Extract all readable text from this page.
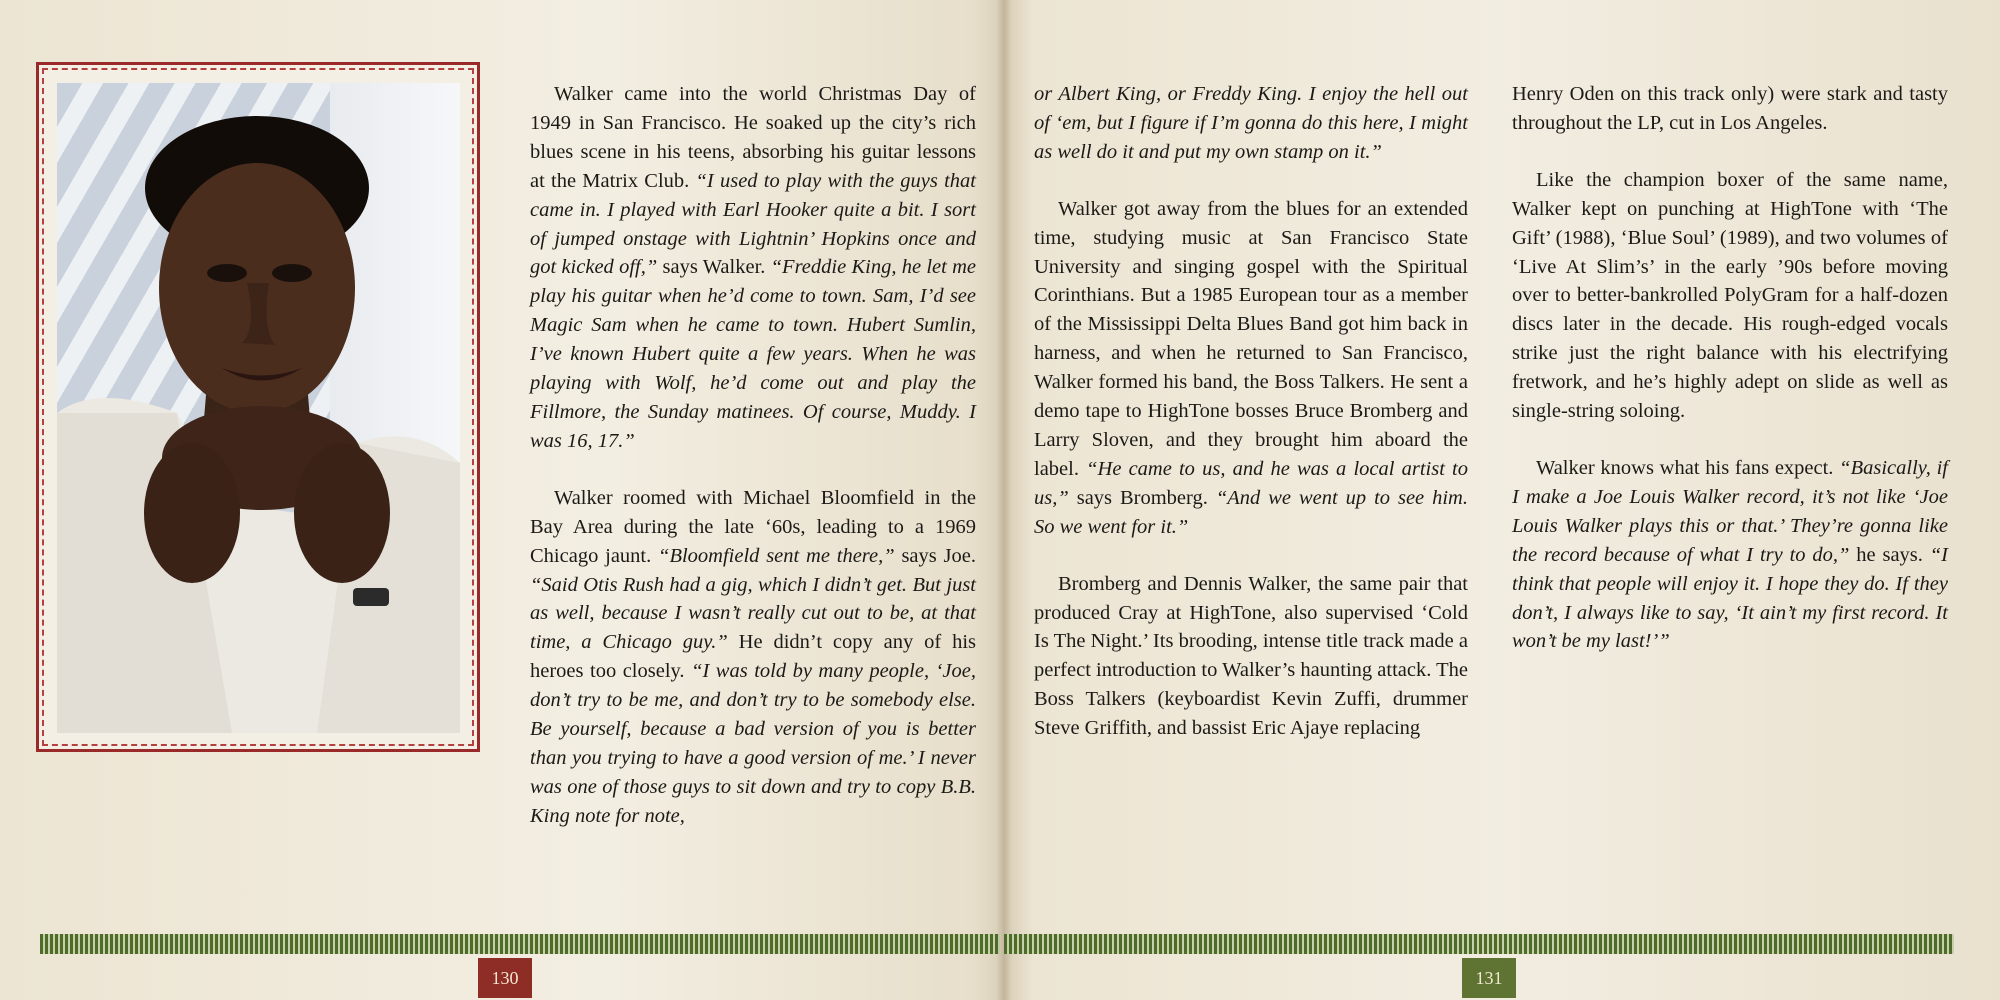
Walker came into the world Christmas Day of 1949 in San Francisco. He soaked up the city’s rich blues scene in his teens, absorbing his guitar lessons at the Matrix Club. “I used to play with the guys that came in. I played with Earl Hooker quite a bit. I sort of jumped onstage with Lightnin’ Hopkins once and got kicked off,” says Walker. “Freddie King, he let me play his guitar when he’d come to town. Sam, I’d see Magic Sam when he came to town. Hubert Sumlin, I’ve known Hubert quite a few years. When he was playing with Wolf, he’d come out and play the Fillmore, the Sunday matinees. Of course, Muddy. I was 16, 17.”

Walker roomed with Michael Bloomfield in the Bay Area during the late ‘60s, leading to a 1969 Chicago jaunt. “Bloomfield sent me there,” says Joe. “Said Otis Rush had a gig, which I didn’t get. But just as well, because I wasn’t really cut out to be, at that time, a Chicago guy.” He didn’t copy any of his heroes too closely. “I was told by many people, ‘Joe, don’t try to be me, and don’t try to be somebody else. Be yourself, because a bad version of you is better than you trying to have a good version of me.’ I never was one of those guys to sit down and try to copy B.B. King note for note,

130

or Albert King, or Freddy King. I enjoy the hell out of ‘em, but I figure if I’m gonna do this here, I might as well do it and put my own stamp on it.”

Walker got away from the blues for an extended time, studying music at San Francisco State University and singing gospel with the Spiritual Corinthians. But a 1985 European tour as a member of the Mississippi Delta Blues Band got him back in harness, and when he returned to San Francisco, Walker formed his band, the Boss Talkers. He sent a demo tape to HighTone bosses Bruce Bromberg and Larry Sloven, and they brought him aboard the label. “He came to us, and he was a local artist to us,” says Bromberg. “And we went up to see him. So we went for it.”

Bromberg and Dennis Walker, the same pair that produced Cray at HighTone, also supervised ‘Cold Is The Night.’ Its brooding, intense title track made a perfect introduction to Walker’s haunting attack. The Boss Talkers (keyboardist Kevin Zuffi, drummer Steve Griffith, and bassist Eric Ajaye replacing

Henry Oden on this track only) were stark and tasty throughout the LP, cut in Los Angeles.

Like the champion boxer of the same name, Walker kept on punching at HighTone with ‘The Gift’ (1988), ‘Blue Soul’ (1989), and two volumes of ‘Live At Slim’s’ in the early ’90s before moving over to better-bankrolled PolyGram for a half-dozen discs later in the decade. His rough-edged vocals strike just the right balance with his electrifying fretwork, and he’s highly adept on slide as well as single-string soloing.

Walker knows what his fans expect. “Basically, if I make a Joe Louis Walker record, it’s not like ‘Joe Louis Walker plays this or that.’ They’re gonna like the record because of what I try to do,” he says. “I think that people will enjoy it. I hope they do. If they don’t, I always like to say, ‘It ain’t my first record. It won’t be my last!’”

131
